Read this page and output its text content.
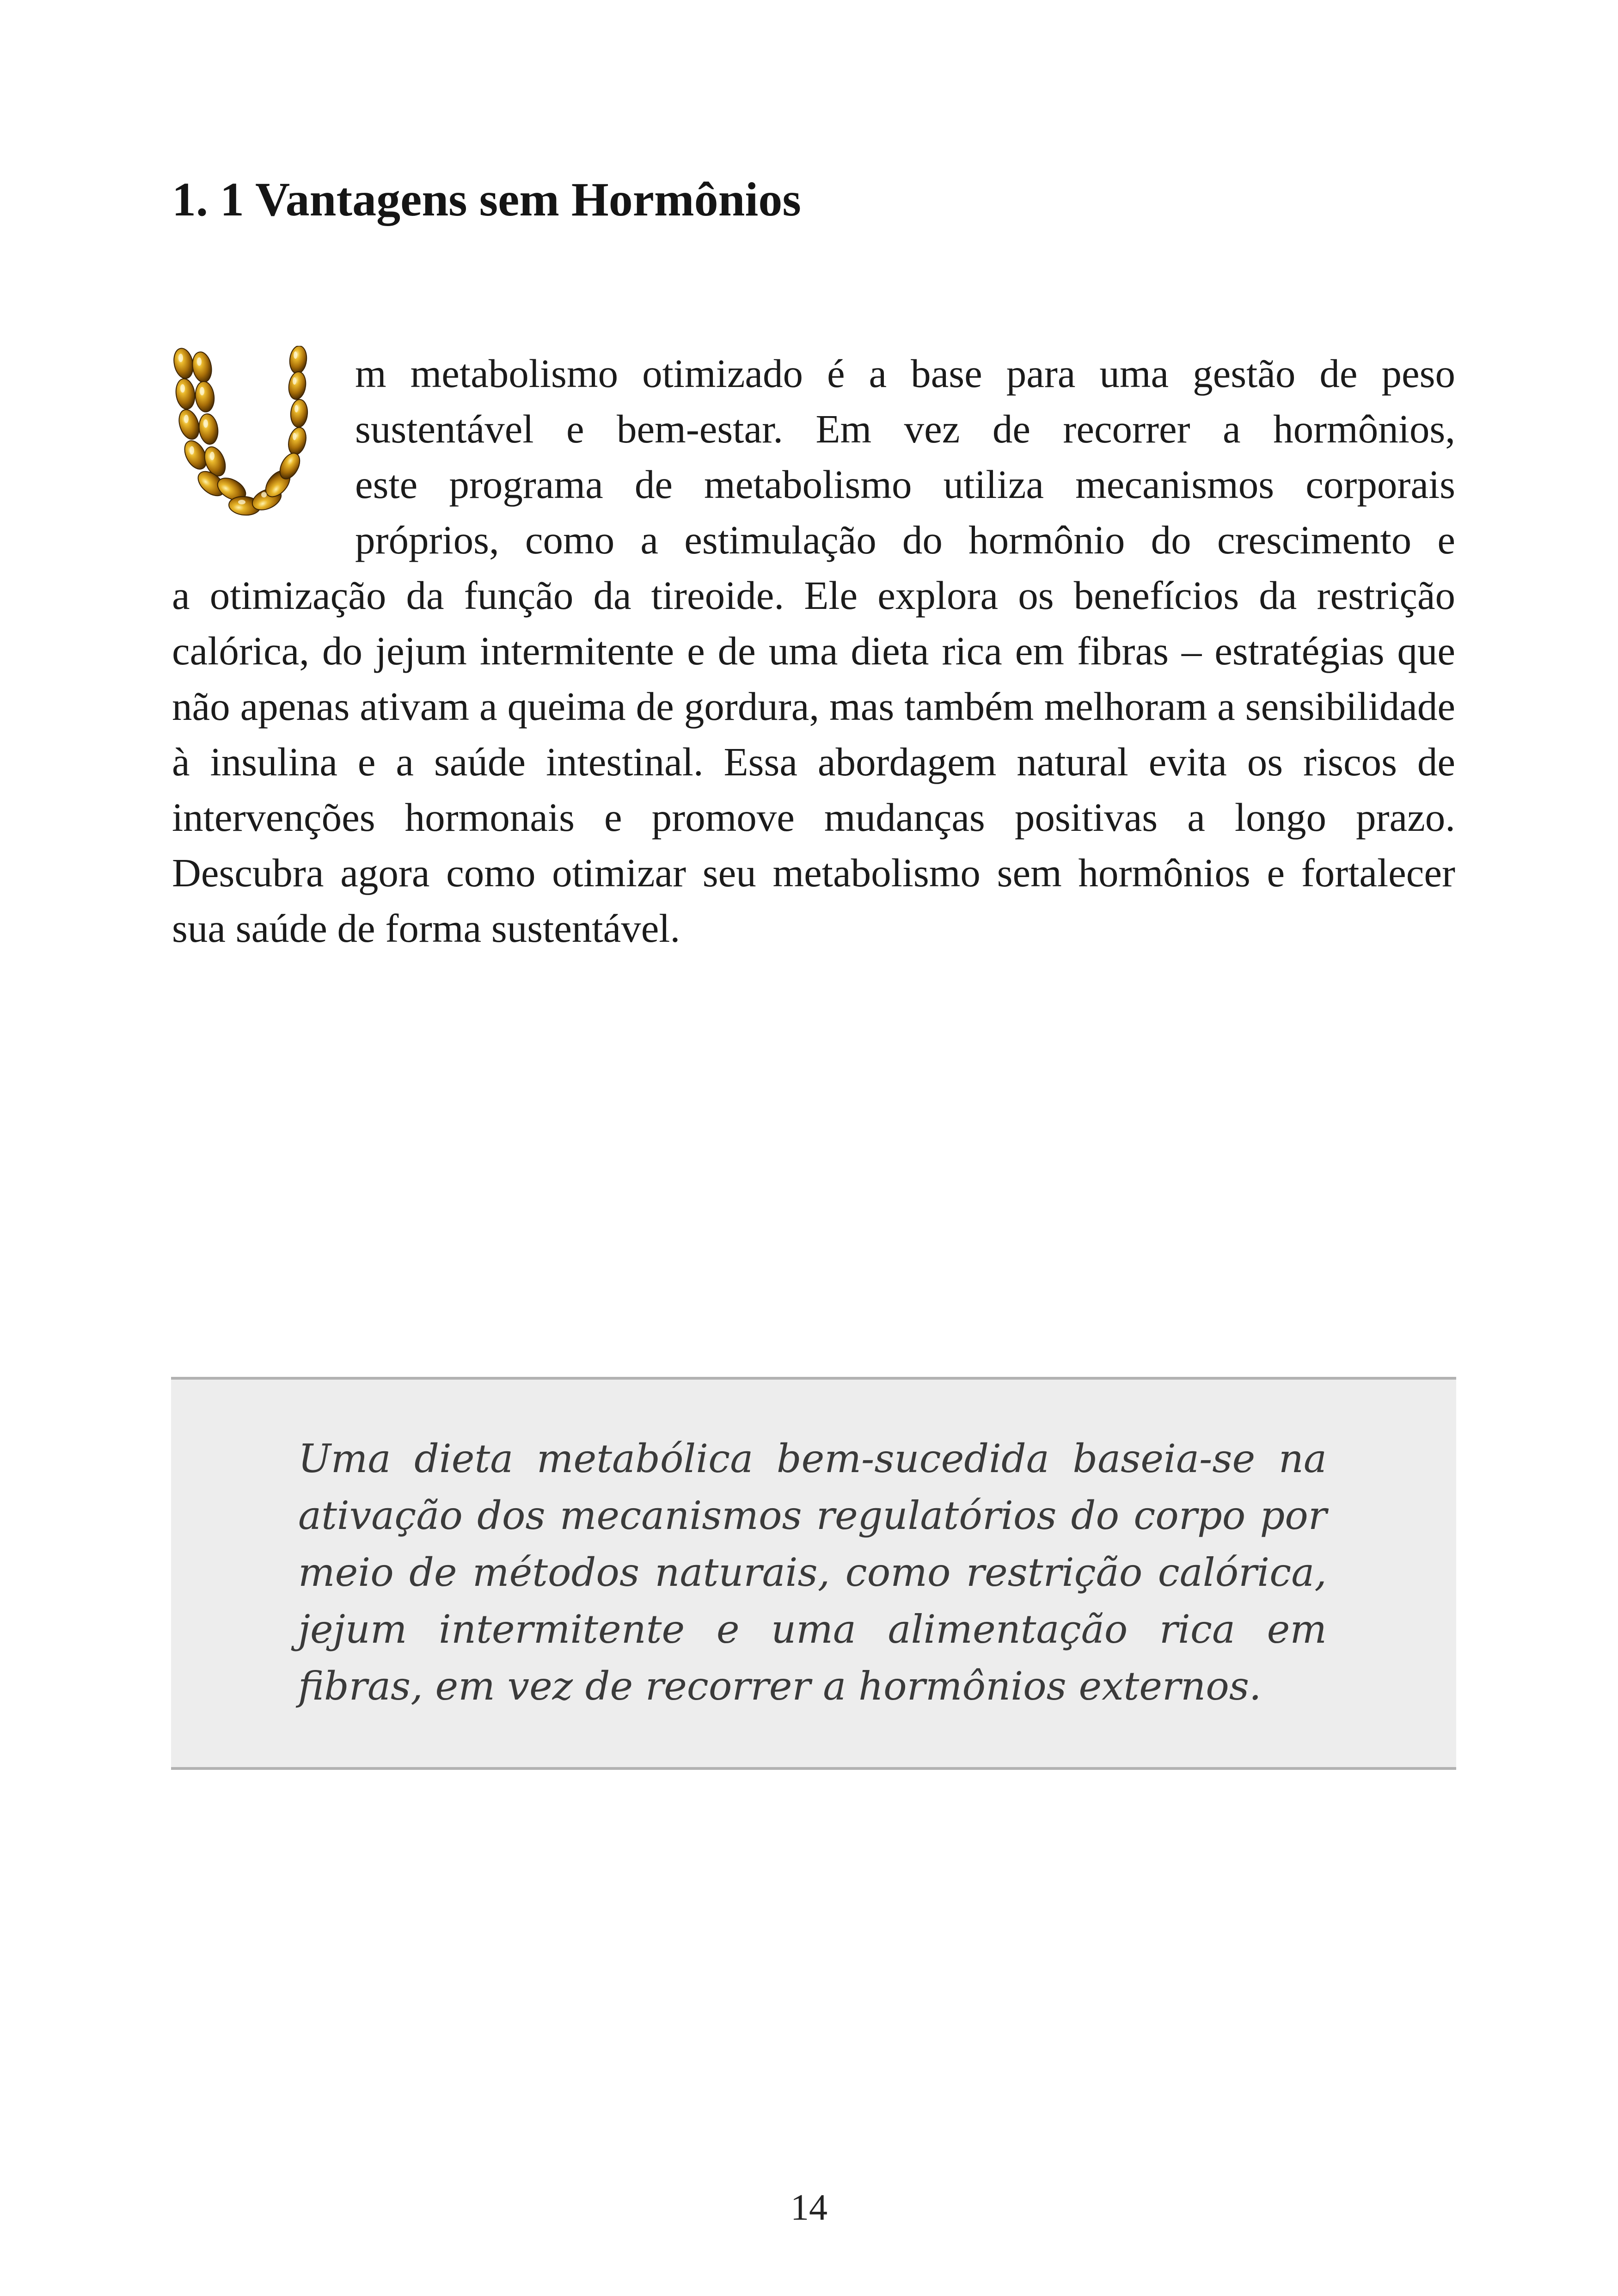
1. 1 Vantagens sem Hormônios
m metabolismo otimizado é a base para uma gestão de peso
sustentável e bem-estar. Em vez de recorrer a hormônios,
este programa de metabolismo utiliza mecanismos corporais
próprios, como a estimulação do hormônio do crescimento e

a otimização da função da tireoide. Ele explora os benefícios da restrição calórica, do jejum intermitente e de uma dieta rica em fibras – estratégias que não apenas ativam a queima de gordura, mas também melhoram a sensibilidade à insulina e a saúde intestinal. Essa abordagem natural evita os riscos de intervenções hormonais e promove mudanças positivas a longo prazo. Descubra agora como otimizar seu metabolismo sem hormônios e fortalecer sua saúde de forma sustentável.

Uma dieta metabólica bem-sucedida baseia-se na ativação dos mecanismos regulatórios do corpo por meio de métodos naturais, como restrição calórica, jejum intermitente e uma alimentação rica em fibras, em vez de recorrer a hormônios externos.

14
